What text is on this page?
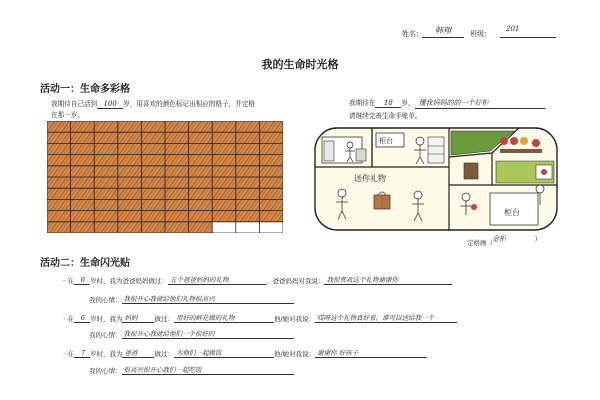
姓名：	韩翔	班级：
201
我的生命时光格
活动一：生命多彩格
我期待自己活到 100 岁，用喜欢的颜色标记出相应的格子，并定格
在那一岁。
我期待在 18 岁， 懂我妈妈的的一个好柜
请继续完善生命手账单。
柜台
送你礼物
柜台
定格画（ 金柜	）
活动二：生命闪光贴
· 在 6 岁时，我为爸爸妈妈做过： 五个爸爸妈妈的礼物	，爸爸妈妈对我说： 我很喜欢这个礼物谢谢你
我的心情： 我很开心我就给他们礼物很高兴
· 在 6 岁时，我为 妈妈	做过： 用好的鲜花做的礼物	他/她对我说： 哎呀这个礼物真好看，谁可以送给我一个
我的心情： 我很开心我就给他们一个很好的
· 在 7 岁时，我为 爸爸	做过： 为他们一起做饭	他/她对我说： 谢谢你 好孩子
我的心情： 很高兴很开心我们一起吃饭
